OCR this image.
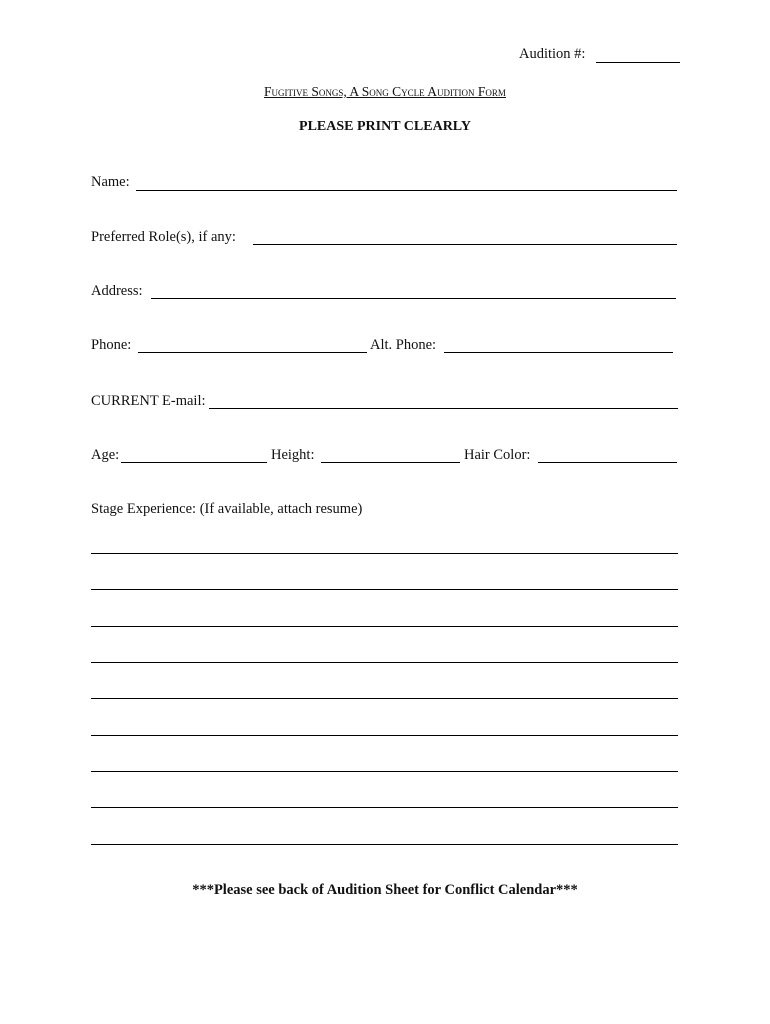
Audition #:
Fugitive Songs, A Song Cycle Audition Form
PLEASE PRINT CLEARLY
Name:
Preferred Role(s), if any:
Address:
Phone:	Alt. Phone:
CURRENT E-mail:
Age:	Height:	Hair Color:
Stage Experience: (If available, attach resume)
***Please see back of Audition Sheet for Conflict Calendar***
